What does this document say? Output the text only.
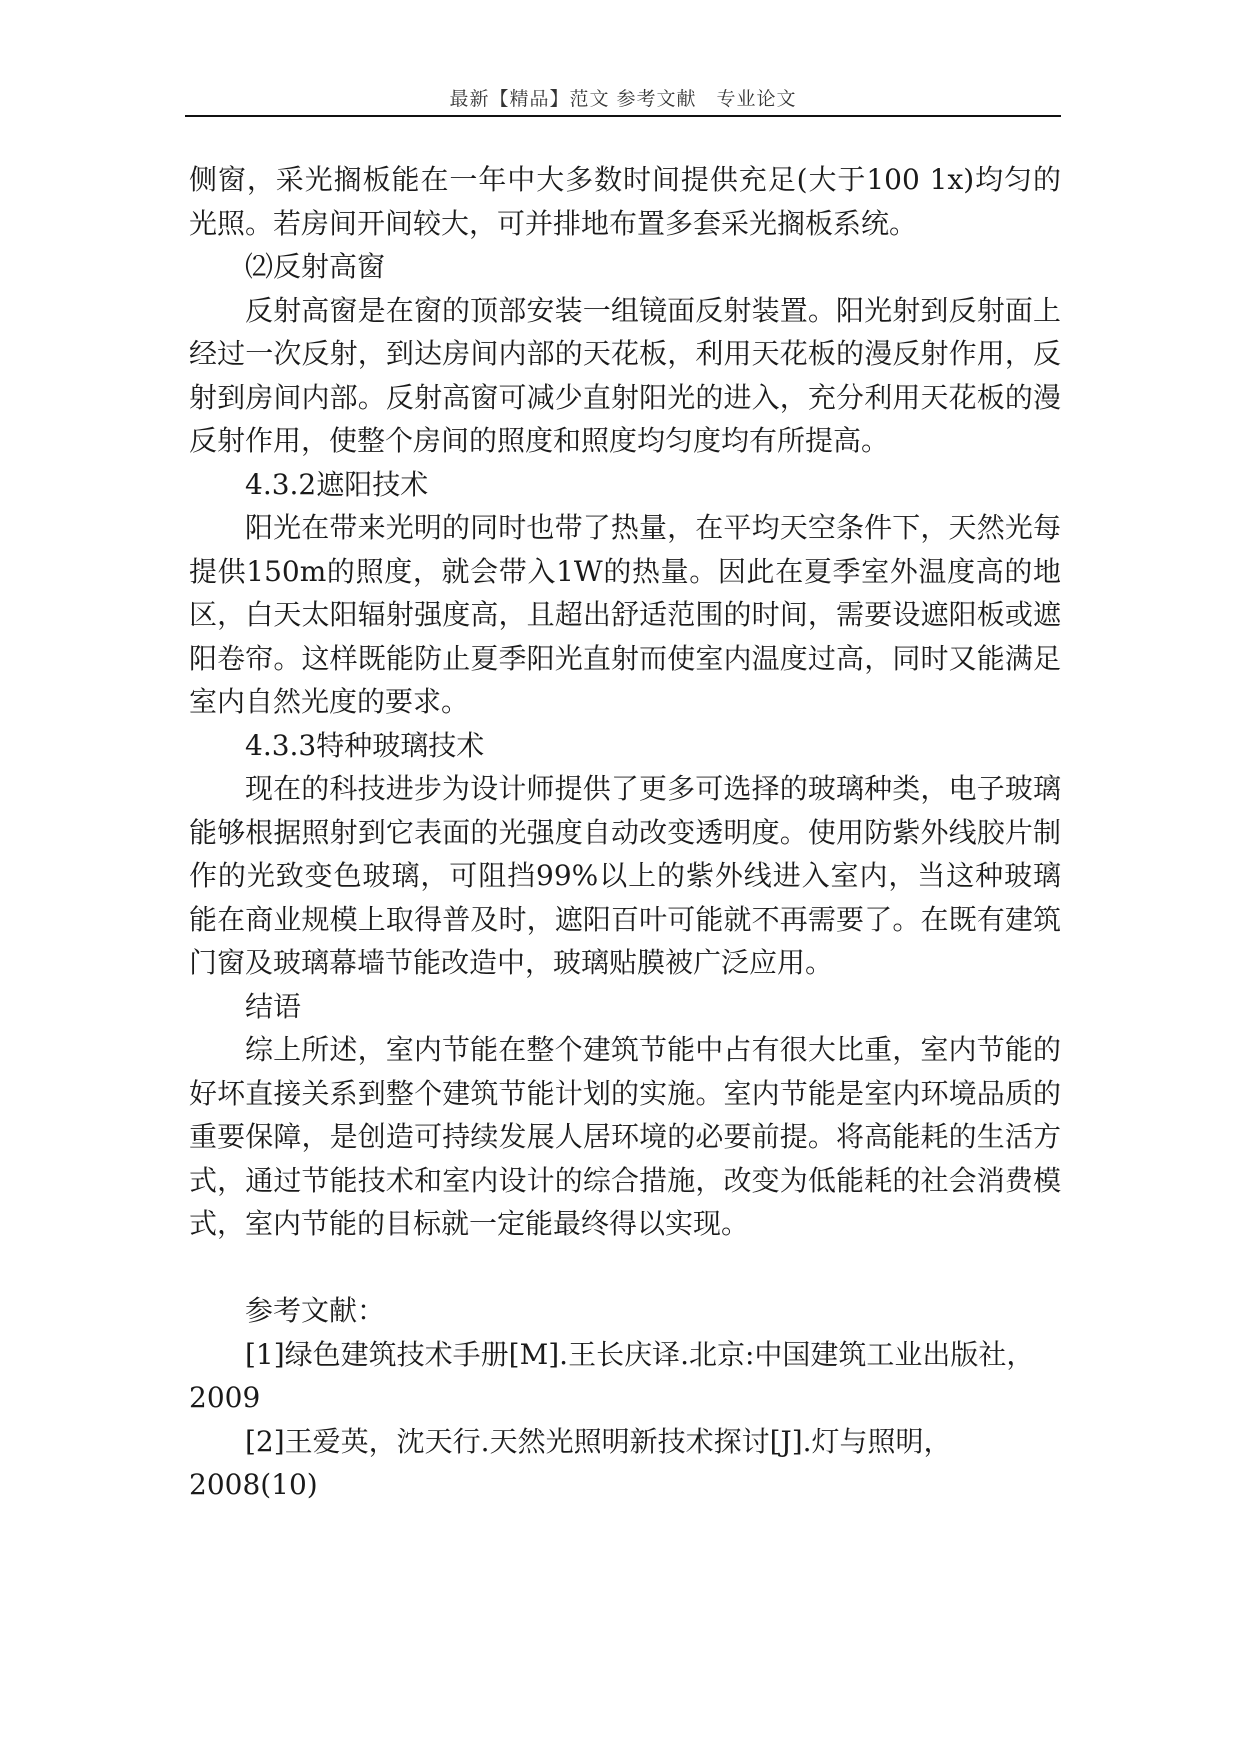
最新【精品】范文 参考文献　专业论文

侧窗，采光搁板能在一年中大多数时间提供充足(大于100 1x)均匀的光照。若房间开间较大，可并排地布置多套采光搁板系统。

⑵反射高窗

反射高窗是在窗的顶部安装一组镜面反射装置。阳光射到反射面上经过一次反射，到达房间内部的天花板，利用天花板的漫反射作用，反射到房间内部。反射高窗可减少直射阳光的进入，充分利用天花板的漫反射作用，使整个房间的照度和照度均匀度均有所提高。

4.3.2遮阳技术

阳光在带来光明的同时也带了热量，在平均天空条件下，天然光每提供150m的照度，就会带入1W的热量。因此在夏季室外温度高的地区，白天太阳辐射强度高，且超出舒适范围的时间，需要设遮阳板或遮阳卷帘。这样既能防止夏季阳光直射而使室内温度过高，同时又能满足室内自然光度的要求。

4.3.3特种玻璃技术

现在的科技进步为设计师提供了更多可选择的玻璃种类，电子玻璃能够根据照射到它表面的光强度自动改变透明度。使用防紫外线胶片制作的光致变色玻璃，可阻挡99%以上的紫外线进入室内，当这种玻璃能在商业规模上取得普及时，遮阳百叶可能就不再需要了。在既有建筑门窗及玻璃幕墙节能改造中，玻璃贴膜被广泛应用。

结语

综上所述，室内节能在整个建筑节能中占有很大比重，室内节能的好坏直接关系到整个建筑节能计划的实施。室内节能是室内环境品质的重要保障，是创造可持续发展人居环境的必要前提。将高能耗的生活方式，通过节能技术和室内设计的综合措施，改变为低能耗的社会消费模式，室内节能的目标就一定能最终得以实现。

参考文献：

[1]绿色建筑技术手册[M].王长庆译.北京:中国建筑工业出版社，2009

[2]王爱英，沈天行.天然光照明新技术探讨[J].灯与照明，2008(10)
